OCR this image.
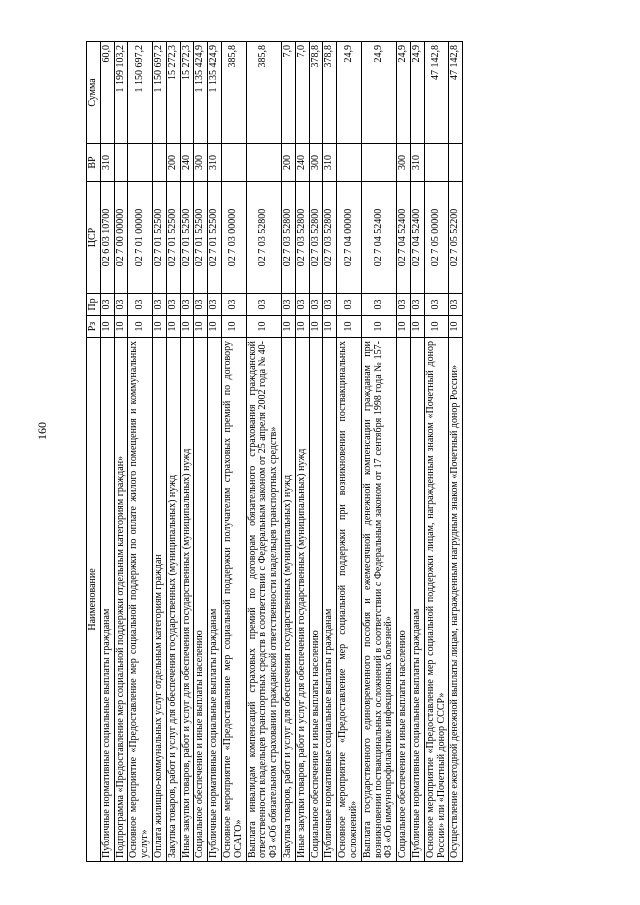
160
Наименование	Рз	Пр	ЦСР	ВР	Сумма
Публичные нормативные социальные выплаты гражданам	10	03	02 6 03 10700	310	60,0
Подпрограмма «Предоставление мер социальной поддержки отдельным категориям граждан»	10	03	02 7 00 00000		1 199 103,2
Основное мероприятие «Предоставление мер социальной поддержки по оплате жилого помещения и коммунальных услуг»	10	03	02 7 01 00000		1 150 697,2
Оплата жилищно-коммунальных услуг отдельным категориям граждан	10	03	02 7 01 52500		1 150 697,2
Закупка товаров, работ и услуг для обеспечения государственных (муниципальных) нужд	10	03	02 7 01 52500	200	15 272,3
Иные закупки товаров, работ и услуг для обеспечения государственных (муниципальных) нужд	10	03	02 7 01 52500	240	15 272,3
Социальное обеспечение и иные выплаты населению	10	03	02 7 01 52500	300	1 135 424,9
Публичные нормативные социальные выплаты гражданам	10	03	02 7 01 52500	310	1 135 424,9
Основное мероприятие «Предоставление мер социальной поддержки получателям страховых премий по договору ОСАГО»	10	03	02 7 03 00000		385,8
Выплата инвалидам компенсаций страховых премий по договорам обязательного страхования гражданской ответственности владельцев транспортных средств в соответствии с Федеральным законом от 25 апреля 2002 года № 40-ФЗ «Об обязательном страховании гражданской ответственности владельцев транспортных средств»	10	03	02 7 03 52800		385,8
Закупка товаров, работ и услуг для обеспечения государственных (муниципальных) нужд	10	03	02 7 03 52800	200	7,0
Иные закупки товаров, работ и услуг для обеспечения государственных (муниципальных) нужд	10	03	02 7 03 52800	240	7,0
Социальное обеспечение и иные выплаты населению	10	03	02 7 03 52800	300	378,8
Публичные нормативные социальные выплаты гражданам	10	03	02 7 03 52800	310	378,8
Основное мероприятие «Предоставление мер социальной поддержки при возникновении поствакцинальных осложнений»	10	03	02 7 04 00000		24,9
Выплата государственного единовременного пособия и ежемесячной денежной компенсации гражданам при возникновении поствакцинальных осложнений в соответствии с Федеральным законом от 17 сентября 1998 года № 157-ФЗ «Об иммунопрофилактике инфекционных болезней»	10	03	02 7 04 52400		24,9
Социальное обеспечение и иные выплаты населению	10	03	02 7 04 52400	300	24,9
Публичные нормативные социальные выплаты гражданам	10	03	02 7 04 52400	310	24,9
Основное мероприятие «Предоставление мер социальной поддержки лицам, награжденным знаком «Почетный донор России» или «Почетный донор СССР»	10	03	02 7 05 00000		47 142,8
Осуществление ежегодной денежной выплаты лицам, награжденным нагрудным знаком «Почетный донор России»	10	03	02 7 05 52200		47 142,8
